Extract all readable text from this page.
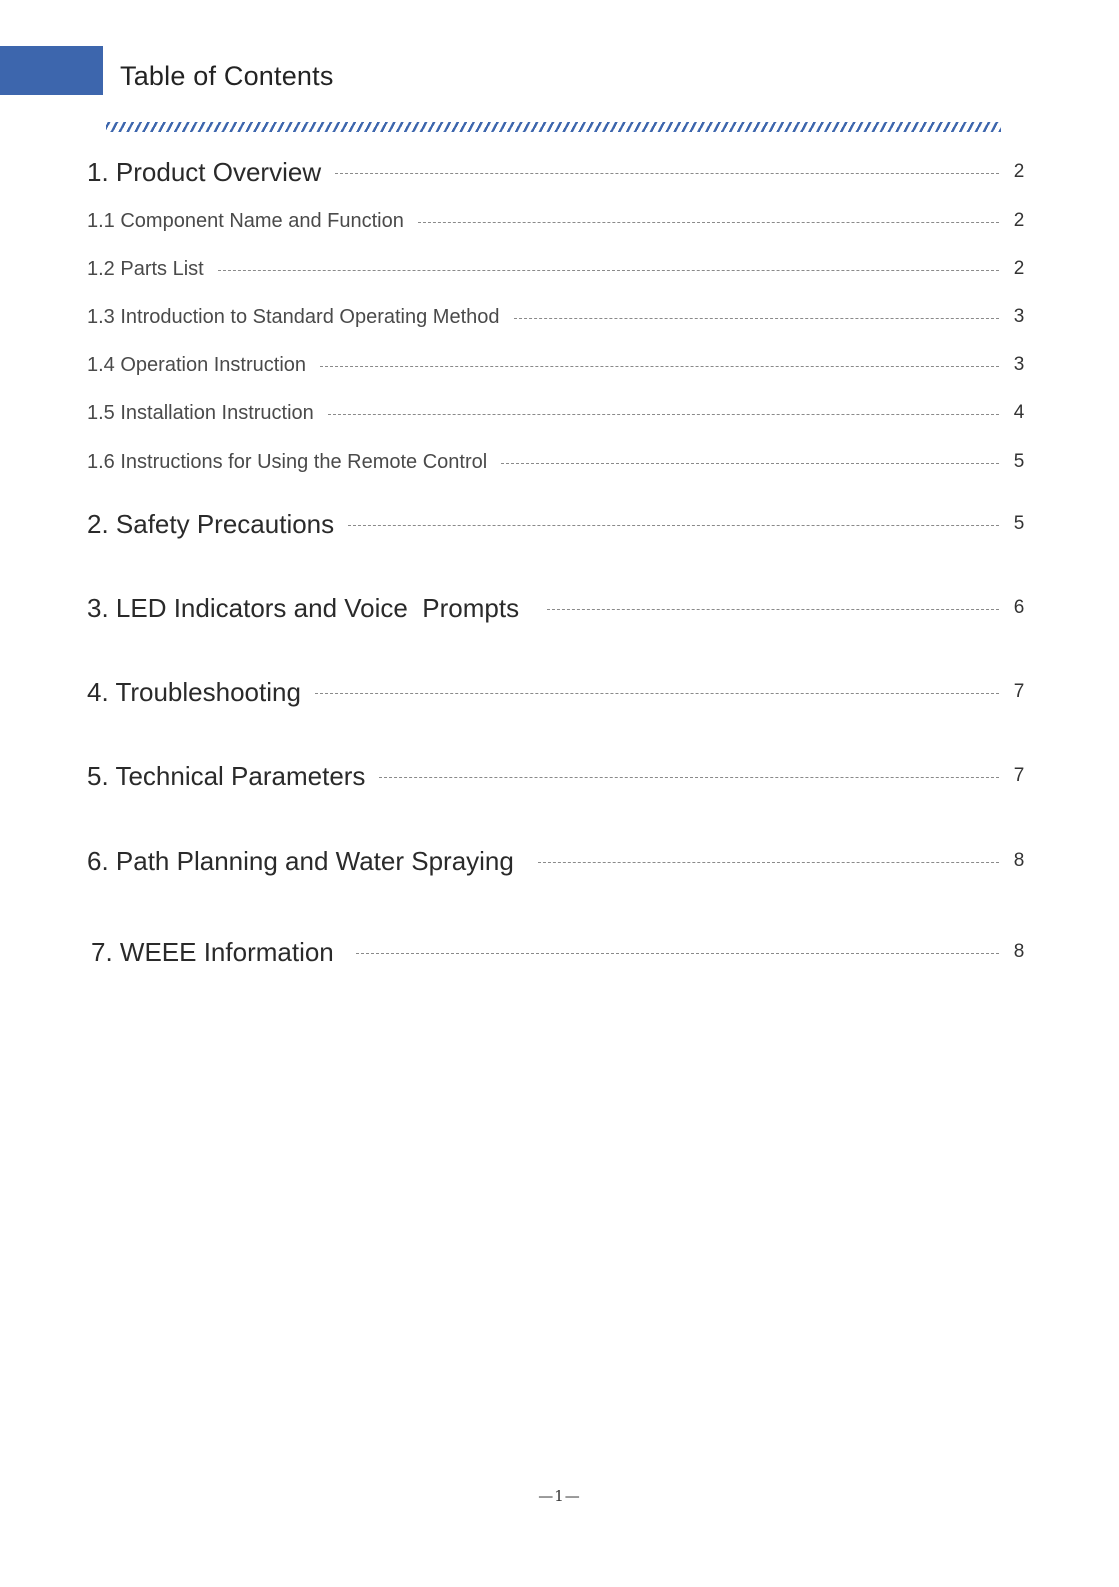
Table of Contents
1. Product Overview	2
1.1 Component Name and Function	2
1.2 Parts List	2
1.3 Introduction to Standard Operating Method	3
1.4 Operation Instruction	3
1.5 Installation Instruction	4
1.6 Instructions for Using the Remote Control	5
2. Safety Precautions	5
3. LED Indicators and Voice  Prompts	6
4. Troubleshooting	7
5. Technical Parameters	7
6. Path Planning and Water Spraying	8
7. WEEE Information	8
—1—
